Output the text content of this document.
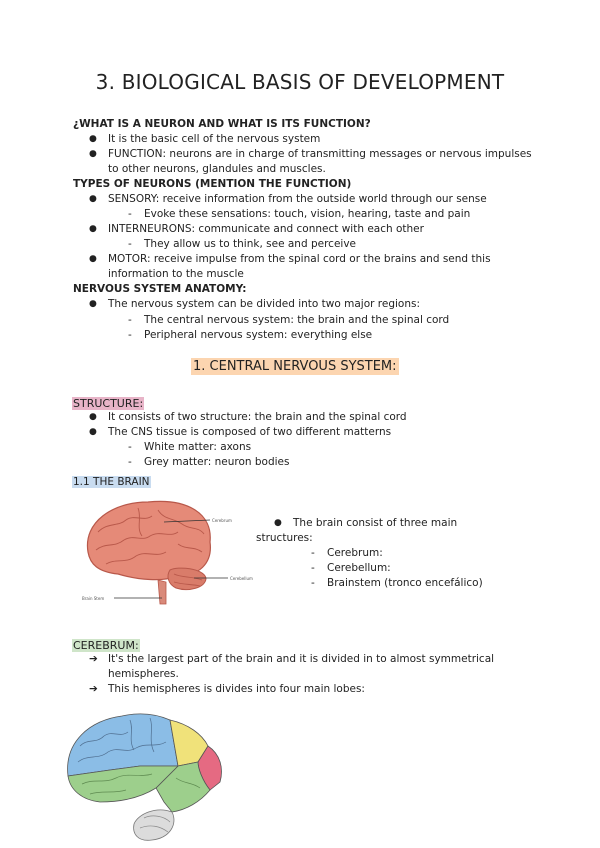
3. BIOLOGICAL BASIS OF DEVELOPMENT
¿WHAT IS A NEURON AND WHAT IS ITS FUNCTION?
● It is the basic cell of the nervous system
● FUNCTION: neurons are in charge of transmitting messages or nervous impulses to other neurons, glandules and muscles.
TYPES OF NEURONS (MENTION THE FUNCTION)
● SENSORY: receive information from the outside world through our sense
- Evoke these sensations: touch, vision, hearing, taste and pain
● INTERNEURONS: communicate and connect with each other
- They allow us to think, see and perceive
● MOTOR: receive impulse from the spinal cord or the brains and send this information to the muscle
NERVOUS SYSTEM ANATOMY:
● The nervous system can be divided into two major regions:
- The central nervous system: the brain and the spinal cord
- Peripheral nervous system: everything else
1. CENTRAL NERVOUS SYSTEM:
STRUCTURE:
● It consists of two structure: the brain and the spinal cord
● The CNS tissue is composed of two different matterns
- White matter: axons
- Grey matter: neuron bodies
1.1 THE BRAIN
Cerebrum
Cerebellum
Brain Stem
●	The brain consist of three main structures:
- Cerebrum:
- Cerebellum:
- Brainstem (tronco encefálico)
CEREBRUM:
➔ It's the largest part of the brain and it is divided in to almost symmetrical hemispheres.
➔ This hemispheres is divides into four main lobes:
